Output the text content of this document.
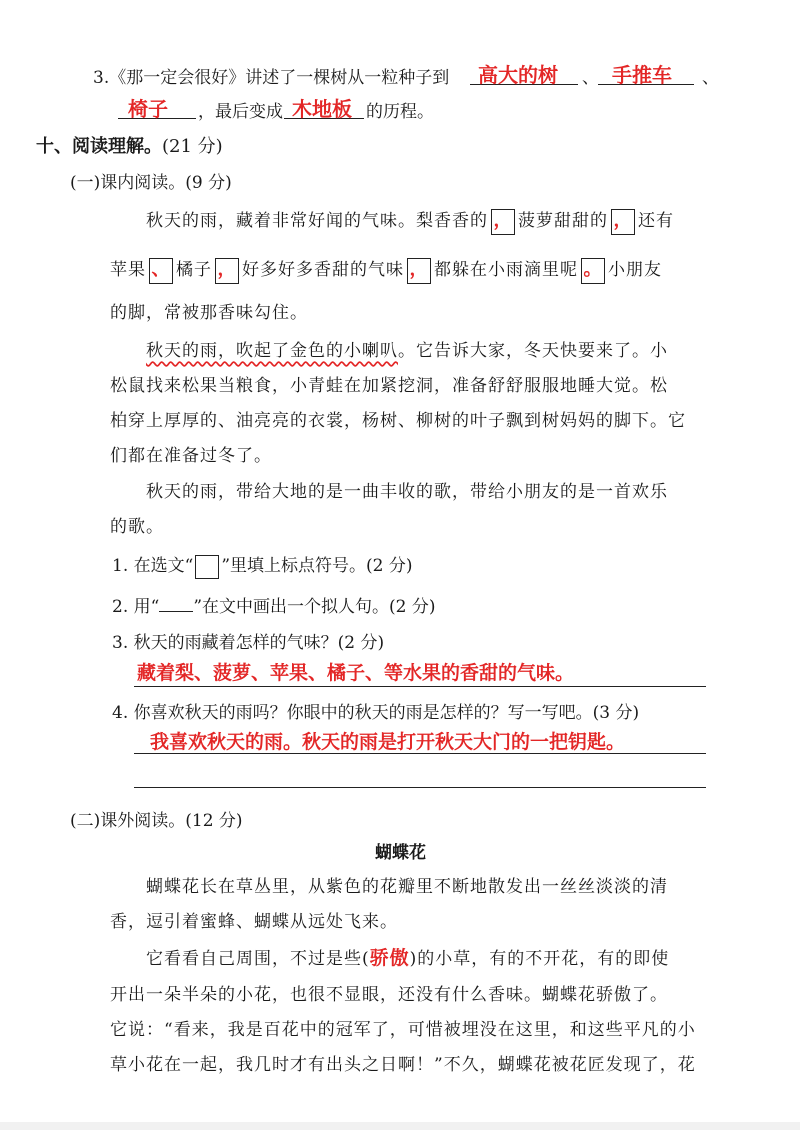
3.《那一定会很好》讲述了一棵树从一粒种子到 高大的树 、 手推车 、
椅子 ，最后变成 木地板 的历程。
十、阅读理解。(21 分)
(一)课内阅读。(9 分)
秋天的雨，藏着非常好闻的气味。梨香香的 ， 菠萝甜甜的 ， 还有
苹果 、 橘子 ， 好多好多香甜的气味 ， 都躲在小雨滴里呢 。 小朋友
的脚，常被那香味勾住。
秋天的雨，吹起了金色的小喇叭。它告诉大家，冬天快要来了。小
松鼠找来松果当粮食，小青蛙在加紧挖洞，准备舒舒服服地睡大觉。松
柏穿上厚厚的、油亮亮的衣裳，杨树、柳树的叶子飘到树妈妈的脚下。它
们都在准备过冬了。
秋天的雨，带给大地的是一曲丰收的歌，带给小朋友的是一首欢乐
的歌。
1. 在选文“ ”里填上标点符号。(2 分)
2. 用“ ”在文中画出一个拟人句。(2 分)
3. 秋天的雨藏着怎样的气味？(2 分)
藏着梨、菠萝、苹果、橘子、等水果的香甜的气味。
4. 你喜欢秋天的雨吗？你眼中的秋天的雨是怎样的？写一写吧。(3 分)
我喜欢秋天的雨。秋天的雨是打开秋天大门的一把钥匙。
(二)课外阅读。(12 分)
蝴蝶花
蝴蝶花长在草丛里，从紫色的花瓣里不断地散发出一丝丝淡淡的清
香，逗引着蜜蜂、蝴蝶从远处飞来。
它看看自己周围，不过是些(骄傲)的小草，有的不开花，有的即使
开出一朵半朵的小花，也很不显眼，还没有什么香味。蝴蝶花骄傲了。
它说：“看来，我是百花中的冠军了，可惜被埋没在这里，和这些平凡的小
草小花在一起，我几时才有出头之日啊！”不久，蝴蝶花被花匠发现了，花
